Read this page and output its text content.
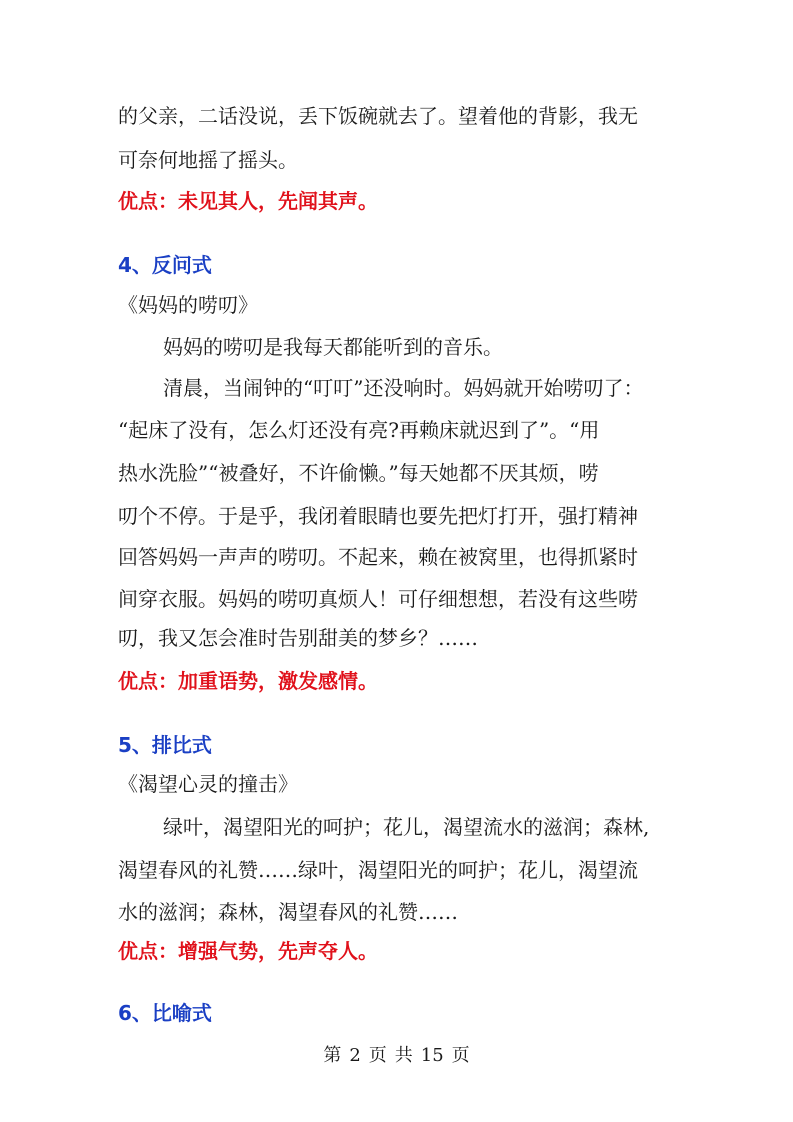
的父亲，二话没说，丢下饭碗就去了。望着他的背影，我无

可奈何地摇了摇头。

优点：未见其人，先闻其声。

4、反问式

《妈妈的唠叨》

妈妈的唠叨是我每天都能听到的音乐。

清晨，当闹钟的“叮叮”还没响时。妈妈就开始唠叨了：

“起床了没有，怎么灯还没有亮?再赖床就迟到了”。“用

热水洗脸”“被叠好，不许偷懒。”每天她都不厌其烦，唠

叨个不停。于是乎，我闭着眼睛也要先把灯打开，强打精神

回答妈妈一声声的唠叨。不起来，赖在被窝里，也得抓紧时

间穿衣服。妈妈的唠叨真烦人！可仔细想想，若没有这些唠

叨，我又怎会准时告别甜美的梦乡？……

优点：加重语势，激发感情。

5、排比式

《渴望心灵的撞击》

绿叶，渴望阳光的呵护；花儿，渴望流水的滋润；森林,

渴望春风的礼赞……绿叶，渴望阳光的呵护；花儿，渴望流

水的滋润；森林，渴望春风的礼赞……

优点：增强气势，先声夺人。

6、比喻式

第 2 页 共 15 页
